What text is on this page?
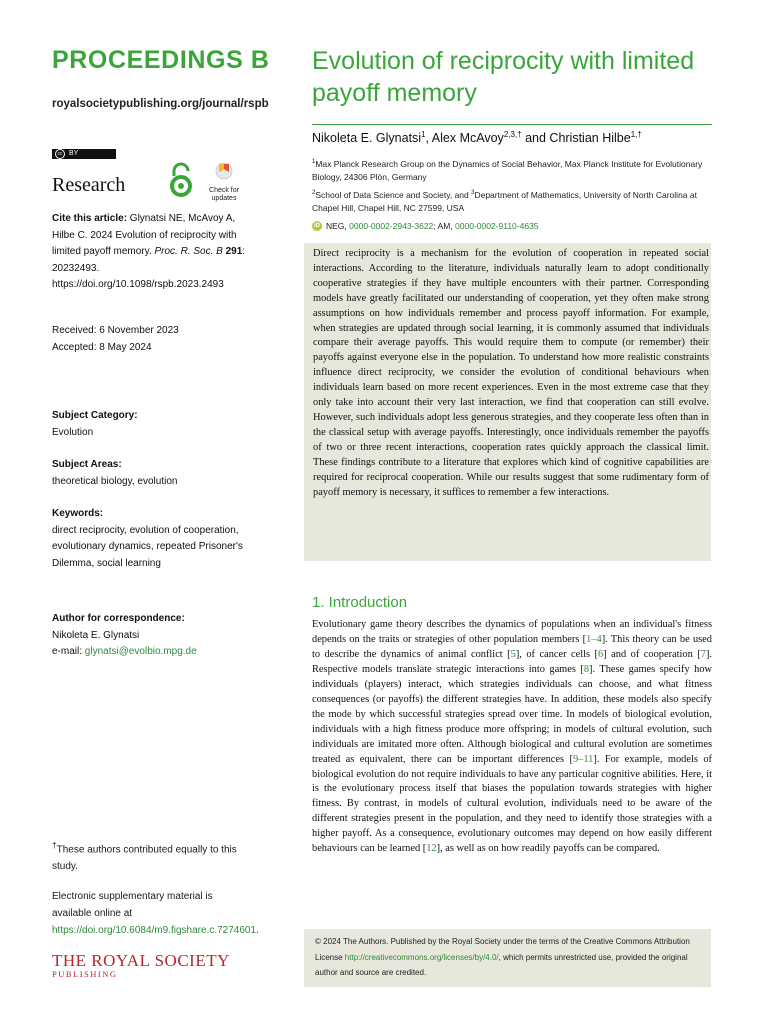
PROCEEDINGS B
royalsocietypublishing.org/journal/rspb
cc BY
Research	Check for updates
Cite this article: Glynatsi NE, McAvoy A, Hilbe C. 2024 Evolution of reciprocity with limited payoff memory. Proc. R. Soc. B 291: 20232493. https://doi.org/10.1098/rspb.2023.2493
Received: 6 November 2023
Accepted: 8 May 2024
Subject Category:
Evolution
Subject Areas:
theoretical biology, evolution
Keywords:
direct reciprocity, evolution of cooperation, evolutionary dynamics, repeated Prisoner's Dilemma, social learning
Author for correspondence:
Nikoleta E. Glynatsi
e-mail: glynatsi@evolbio.mpg.de
†These authors contributed equally to this study.
Electronic supplementary material is available online at https://doi.org/10.6084/m9.figshare.c.7274601.
THE ROYAL SOCIETY
PUBLISHING
Evolution of reciprocity with limited payoff memory
Nikoleta E. Glynatsi$^1$, Alex McAvoy$^{2,3,\dagger}$ and Christian Hilbe$^{1,\dagger}$
$^1$Max Planck Research Group on the Dynamics of Social Behavior, Max Planck Institute for Evolutionary Biology, 24306 Plön, Germany
$^2$School of Data Science and Society, and $^3$Department of Mathematics, University of North Carolina at Chapel Hill, Chapel Hill, NC 27599, USA
iD NEG, 0000-0002-2943-3622; AM, 0000-0002-9110-4635

Direct reciprocity is a mechanism for the evolution of cooperation in repeated social interactions. According to the literature, individuals naturally learn to adopt conditionally cooperative strategies if they have multiple encounters with their partner. Corresponding models have greatly facilitated our understanding of cooperation, yet they often make strong assumptions on how individuals remember and process payoff information. For example, when strategies are updated through social learning, it is commonly assumed that individuals compare their average payoffs. This would require them to compute (or remember) their payoffs against everyone else in the population. To understand how more realistic constraints influence direct reciprocity, we consider the evolution of conditional behaviours when individuals learn based on more recent experiences. Even in the most extreme case that they only take into account their very last interaction, we find that cooperation can still evolve. However, such individuals adopt less generous strategies, and they cooperate less often than in the classical setup with average payoffs. Interestingly, once individuals remember the payoffs of two or three recent interactions, cooperation rates quickly approach the classical limit. These findings contribute to a literature that explores which kind of cognitive capabilities are required for reciprocal cooperation. While our results suggest that some rudimentary form of payoff memory is necessary, it suffices to remember a few interactions.

1. Introduction

Evolutionary game theory describes the dynamics of populations when an individual's fitness depends on the traits or strategies of other population members [1–4]. This theory can be used to describe the dynamics of animal conflict [5], of cancer cells [6] and of cooperation [7]. Respective models translate strategic interactions into games [8]. These games specify how individuals (players) interact, which strategies individuals can choose, and what fitness consequences (or payoffs) the different strategies have. In addition, these models also specify the mode by which successful strategies spread over time. In models of biological evolution, individuals with a high fitness produce more offspring; in models of cultural evolution, such individuals are imitated more often. Although biological and cultural evolution are sometimes treated as equivalent, there can be important differences [9–11]. For example, models of biological evolution do not require individuals to have any particular cognitive abilities. Here, it is the evolutionary process itself that biases the population towards strategies with higher fitness. By contrast, in models of cultural evolution, individuals need to be aware of the different strategies present in the population, and they need to identify those strategies with a higher payoff. As a consequence, evolutionary outcomes may depend on how easily different behaviours can be learned [12], as well as on how readily payoffs can be compared.

© 2024 The Authors. Published by the Royal Society under the terms of the Creative Commons Attribution License http://creativecommons.org/licenses/by/4.0/, which permits unrestricted use, provided the original author and source are credited.
